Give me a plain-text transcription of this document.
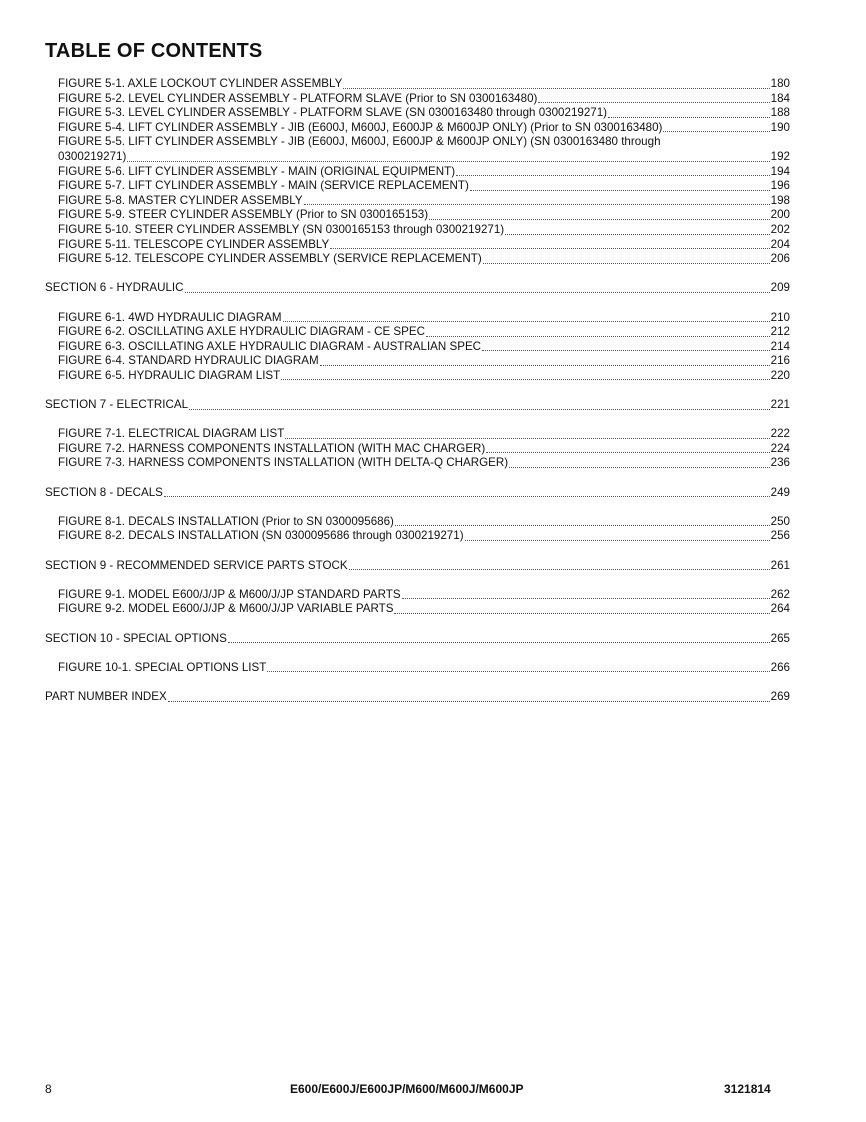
TABLE OF CONTENTS
FIGURE 5-1. AXLE LOCKOUT CYLINDER ASSEMBLY	180
FIGURE 5-2. LEVEL CYLINDER ASSEMBLY - PLATFORM SLAVE (Prior to SN 0300163480)	184
FIGURE 5-3. LEVEL CYLINDER ASSEMBLY - PLATFORM SLAVE (SN 0300163480 through 0300219271)	188
FIGURE 5-4. LIFT CYLINDER ASSEMBLY - JIB (E600J, M600J, E600JP & M600JP ONLY) (Prior to SN 0300163480)	190
FIGURE 5-5. LIFT CYLINDER ASSEMBLY - JIB (E600J, M600J, E600JP & M600JP ONLY) (SN 0300163480 through
0300219271)	192
FIGURE 5-6. LIFT CYLINDER ASSEMBLY - MAIN (ORIGINAL EQUIPMENT)	194
FIGURE 5-7. LIFT CYLINDER ASSEMBLY - MAIN (SERVICE REPLACEMENT)	196
FIGURE 5-8. MASTER CYLINDER ASSEMBLY	198
FIGURE 5-9. STEER CYLINDER ASSEMBLY (Prior to SN 0300165153)	200
FIGURE 5-10. STEER CYLINDER ASSEMBLY (SN 0300165153 through 0300219271)	202
FIGURE 5-11. TELESCOPE CYLINDER ASSEMBLY	204
FIGURE 5-12. TELESCOPE CYLINDER ASSEMBLY (SERVICE REPLACEMENT)	206
SECTION 6 - HYDRAULIC	209
FIGURE 6-1. 4WD HYDRAULIC DIAGRAM	210
FIGURE 6-2. OSCILLATING AXLE HYDRAULIC DIAGRAM - CE SPEC	212
FIGURE 6-3. OSCILLATING AXLE HYDRAULIC DIAGRAM - AUSTRALIAN SPEC	214
FIGURE 6-4. STANDARD HYDRAULIC DIAGRAM	216
FIGURE 6-5. HYDRAULIC DIAGRAM LIST	220
SECTION 7 - ELECTRICAL	221
FIGURE 7-1. ELECTRICAL DIAGRAM LIST	222
FIGURE 7-2. HARNESS COMPONENTS INSTALLATION (WITH MAC CHARGER)	224
FIGURE 7-3. HARNESS COMPONENTS INSTALLATION (WITH DELTA-Q CHARGER)	236
SECTION 8 - DECALS	249
FIGURE 8-1. DECALS INSTALLATION (Prior to SN 0300095686)	250
FIGURE 8-2. DECALS INSTALLATION (SN 0300095686 through 0300219271)	256
SECTION 9 - RECOMMENDED SERVICE PARTS STOCK	261
FIGURE 9-1. MODEL E600/J/JP & M600/J/JP STANDARD PARTS	262
FIGURE 9-2. MODEL E600/J/JP & M600/J/JP VARIABLE PARTS	264
SECTION 10 - SPECIAL OPTIONS	265
FIGURE 10-1. SPECIAL OPTIONS LIST	266
PART NUMBER INDEX	269
8	E600/E600J/E600JP/M600/M600J/M600JP	3121814
